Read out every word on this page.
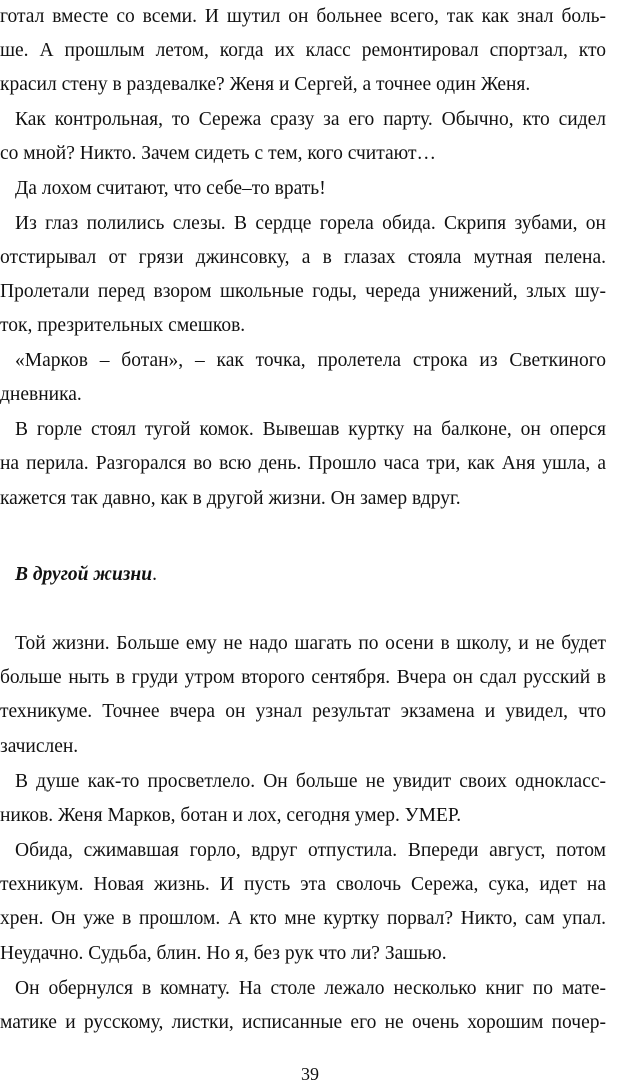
готал вместе со всеми. И шутил он больнее всего, так как знал боль-
ше. А прошлым летом, когда их класс ремонтировал спортзал, кто
красил стену в раздевалке? Женя и Сергей, а точнее один Женя.
Как контрольная, то Сережа сразу за его парту. Обычно, кто сидел
со мной? Никто. Зачем сидеть с тем, кого считают…
Да лохом считают, что себе–то врать!
Из глаз полились слезы. В сердце горела обида. Скрипя зубами, он
отстирывал от грязи джинсовку, а в глазах стояла мутная пелена.
Пролетали перед взором школьные годы, череда унижений, злых шу-
ток, презрительных смешков.
«Марков – ботан», – как точка, пролетела строка из Светкиного
дневника.
В горле стоял тугой комок. Вывешав куртку на балконе, он оперся
на перила. Разгорался во всю день. Прошло часа три, как Аня ушла, а
кажется так давно, как в другой жизни. Он замер вдруг.
В другой жизни.
Той жизни. Больше ему не надо шагать по осени в школу, и не будет
больше ныть в груди утром второго сентября. Вчера он сдал русский в
техникуме. Точнее вчера он узнал результат экзамена и увидел, что
зачислен.
В душе как-то просветлело. Он больше не увидит своих однокласс-
ников. Женя Марков, ботан и лох, сегодня умер. УМЕР.
Обида, сжимавшая горло, вдруг отпустила. Впереди август, потом
техникум. Новая жизнь. И пусть эта сволочь Сережа, сука, идет на
хрен. Он уже в прошлом. А кто мне куртку порвал? Никто, сам упал.
Неудачно. Судьба, блин. Но я, без рук что ли? Зашью.
Он обернулся в комнату. На столе лежало несколько книг по мате-
матике и русскому, листки, исписанные его не очень хорошим почер-
39
